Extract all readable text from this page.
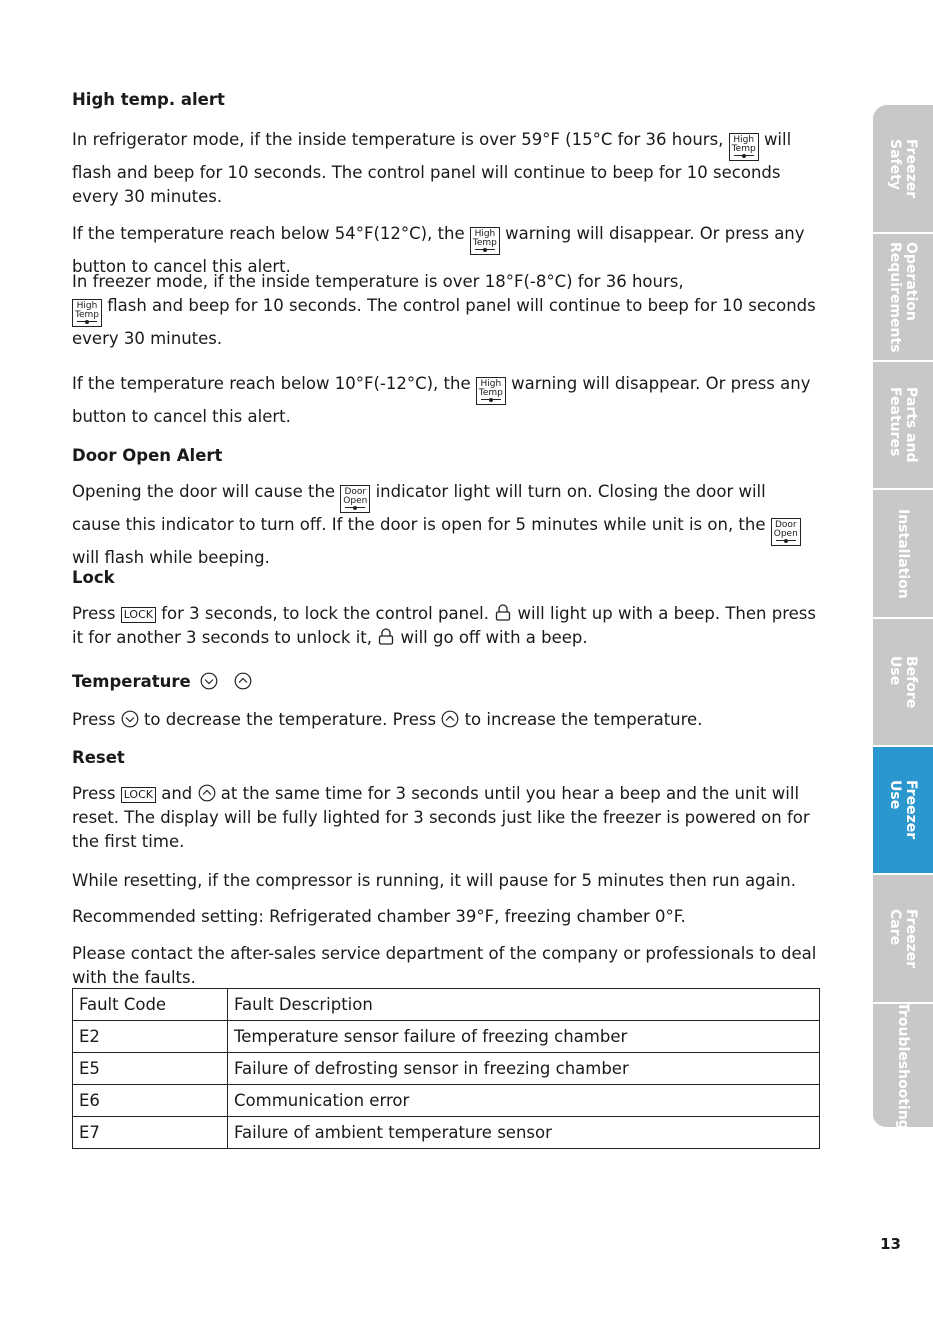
High temp. alert
In refrigerator mode, if the inside temperature is over 59°F (15°C for 36 hours, High
Temp will flash and beep for 10 seconds. The control panel will continue to beep for 10 seconds every 30 minutes.
If the temperature reach below 54°F(12°C), the High
Temp warning will disappear. Or press any button to cancel this alert.
In freezer mode, if the inside temperature is over 18°F(-8°C) for 36 hours,
High
Temp flash and beep for 10 seconds. The control panel will continue to beep for 10 seconds every 30 minutes.
If the temperature reach below 10°F(-12°C), the High
Temp warning will disappear. Or press any button to cancel this alert.
Door Open Alert
Opening the door will cause the Door
Open indicator light will turn on. Closing the door will cause this indicator to turn off. If the door is open for 5 minutes while unit is on, the Door
Open
will flash while beeping.
Lock
Press LOCK for 3 seconds, to lock the control panel. will light up with a beep. Then press it for another 3 seconds to unlock it, will go off with a beep.
Temperature
Press to decrease the temperature. Press to increase the temperature.
Reset
Press LOCK and at the same time for 3 seconds until you hear a beep and the unit will reset. The display will be fully lighted for 3 seconds just like the freezer is powered on for the first time.
While resetting, if the compressor is running, it will pause for 5 minutes then run again.
Recommended setting: Refrigerated chamber 39°F, freezing chamber 0°F.
Please contact the after-sales service department of the company or professionals to deal with the faults.
Fault Code	Fault Description
E2	Temperature sensor failure of freezing chamber
E5	Failure of defrosting sensor in freezing chamber
E6	Communication error
E7	Failure of ambient temperature sensor
Freezer
Safety
Operation
Requirements
Parts and
Features
Installation
Before
Use
Freezer
Use
Freezer
Care
Troubleshooting
13
